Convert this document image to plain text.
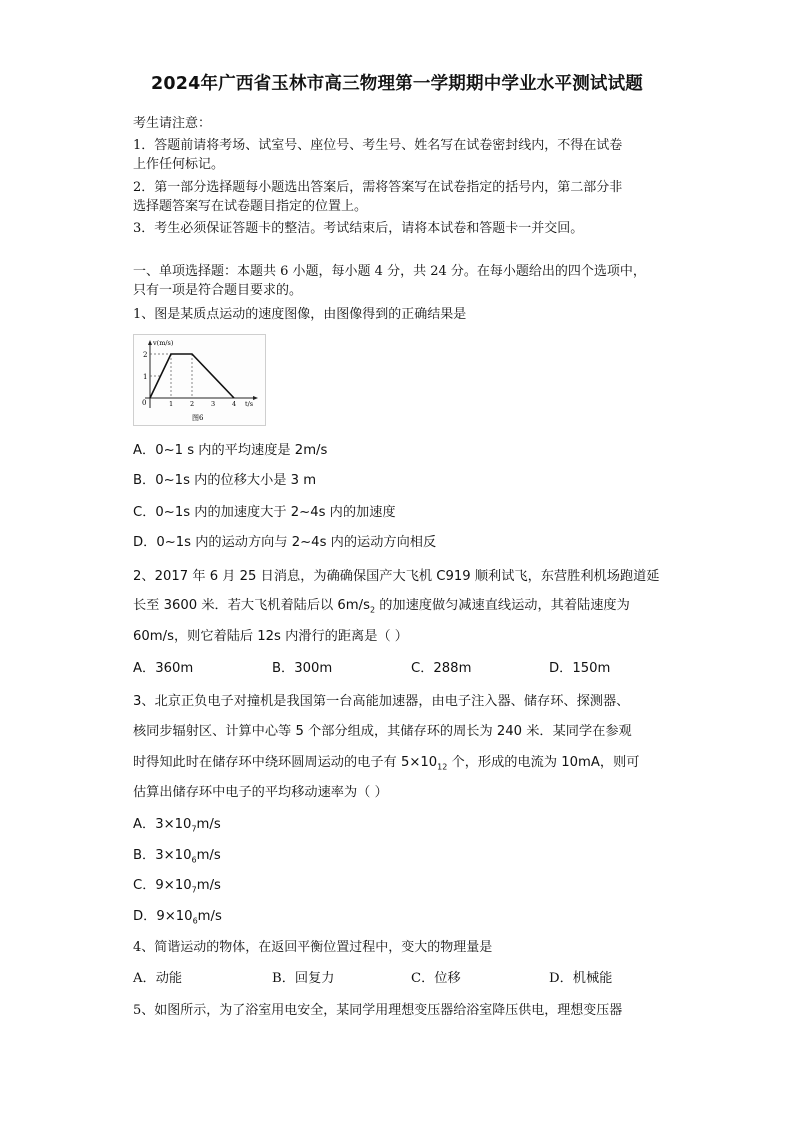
2024年广西省玉林市高三物理第一学期期中学业水平测试试题
考生请注意：
1．答题前请将考场、试室号、座位号、考生号、姓名写在试卷密封线内，不得在试卷
上作任何标记。
2．第一部分选择题每小题选出答案后，需将答案写在试卷指定的括号内，第二部分非
选择题答案写在试卷题目指定的位置上。
3．考生必须保证答题卡的整洁。考试结束后，请将本试卷和答题卡一并交回。
一、单项选择题：本题共 6 小题，每小题 4 分，共 24 分。在每小题给出的四个选项中，
只有一项是符合题目要求的。
1、图是某质点运动的速度图像，由图像得到的正确结果是
v(m/s)
2
1
0	1	2	3	4 t/s
图6
A．0~1 s 内的平均速度是 2m/s
B．0~1s 内的位移大小是 3 m
C．0~1s 内的加速度大于 2~4s 内的加速度
D．0~1s 内的运动方向与 2~4s 内的运动方向相反
2、2017 年 6 月 25 日消息，为确确保国产大飞机 C919 顺利试飞，东营胜利机场跑道延
长至 3600 米．若大飞机着陆后以 $6m/s_2$ 的加速度做匀减速直线运动，其着陆速度为
60m/s，则它着陆后 12s 内滑行的距离是（ ）
A．360m	B．300m	C．288m	D．150m
3、北京正负电子对撞机是我国第一台高能加速器，由电子注入器、储存环、探测器、
核同步辐射区、计算中心等 5 个部分组成，其储存环的周长为 240 米．某同学在参观
时得知此时在储存环中绕环圆周运动的电子有 $5\times 10_{12}$ 个，形成的电流为 10mA，则可
估算出储存环中电子的平均移动速率为（ ）
A．$3\times 10_7m/s$
B．$3\times 10_6m/s$
C．$9\times 10_7m/s$
D．$9\times 10_6m/s$
4、简谐运动的物体，在返回平衡位置过程中，变大的物理量是
A．动能	B．回复力	C．位移	D．机械能
5、如图所示，为了浴室用电安全，某同学用理想变压器给浴室降压供电，理想变压器
